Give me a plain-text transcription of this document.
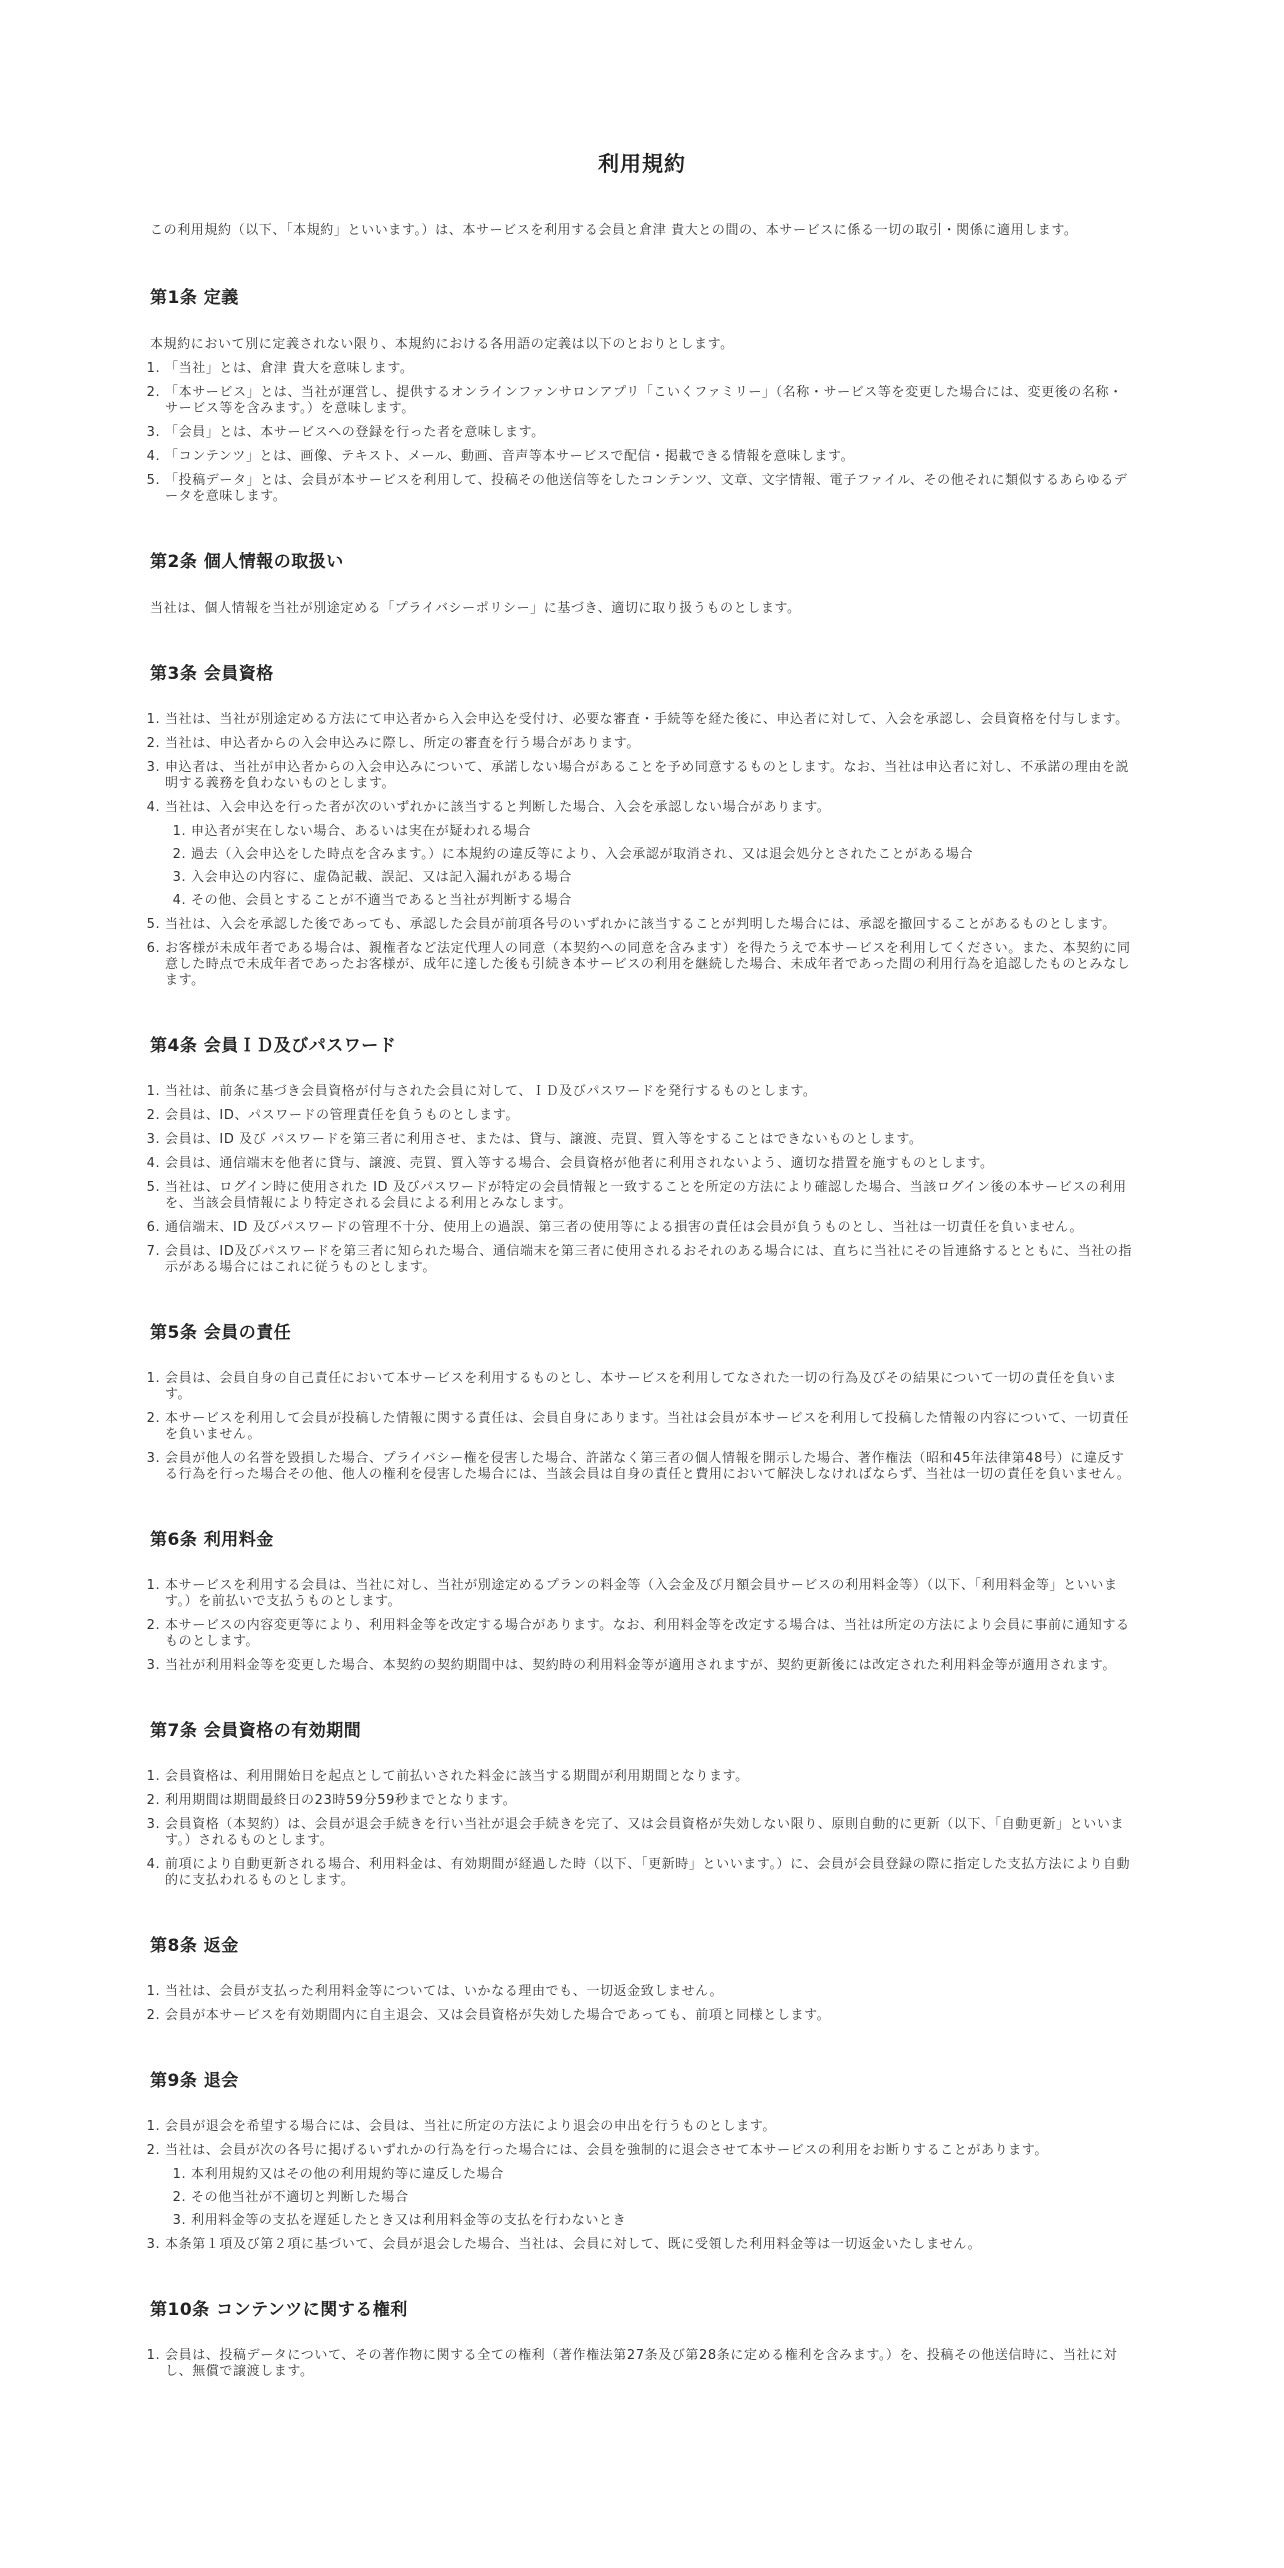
利用規約

この利用規約（以下、「本規約」といいます。）は、本サービスを利用する会員と倉津 貴大との間の、本サービスに係る一切の取引・関係に適用します。

第1条 定義

本規約において別に定義されない限り、本規約における各用語の定義は以下のとおりとします。

1. 「当社」とは、倉津 貴大を意味します。
2. 「本サービス」とは、当社が運営し、提供するオンラインファンサロンアプリ「こいくファミリー」（名称・サービス等を変更した場合には、変更後の名称・サービス等を含みます。）を意味します。
3. 「会員」とは、本サービスへの登録を行った者を意味します。
4. 「コンテンツ」とは、画像、テキスト、メール、動画、音声等本サービスで配信・掲載できる情報を意味します。
5. 「投稿データ」とは、会員が本サービスを利用して、投稿その他送信等をしたコンテンツ、文章、文字情報、電子ファイル、その他それに類似するあらゆるデータを意味します。
第2条 個人情報の取扱い

当社は、個人情報を当社が別途定める「プライバシーポリシー」に基づき、適切に取り扱うものとします。

第3条 会員資格
1. 当社は、当社が別途定める方法にて申込者から入会申込を受付け、必要な審査・手続等を経た後に、申込者に対して、入会を承認し、会員資格を付与します。
2. 当社は、申込者からの入会申込みに際し、所定の審査を行う場合があります。
3. 申込者は、当社が申込者からの入会申込みについて、承諾しない場合があることを予め同意するものとします。なお、当社は申込者に対し、不承諾の理由を説明する義務を負わないものとします。
4. 当社は、入会申込を行った者が次のいずれかに該当すると判断した場合、入会を承認しない場合があります。
1. 申込者が実在しない場合、あるいは実在が疑われる場合
2. 過去（入会申込をした時点を含みます。）に本規約の違反等により、入会承認が取消され、又は退会処分とされたことがある場合
3. 入会申込の内容に、虚偽記載、誤記、又は記入漏れがある場合
4. その他、会員とすることが不適当であると当社が判断する場合
5. 当社は、入会を承認した後であっても、承認した会員が前項各号のいずれかに該当することが判明した場合には、承認を撤回することがあるものとします。
6. お客様が未成年者である場合は、親権者など法定代理人の同意（本契約への同意を含みます）を得たうえで本サービスを利用してください。また、本契約に同意した時点で未成年者であったお客様が、成年に達した後も引続き本サービスの利用を継続した場合、未成年者であった間の利用行為を追認したものとみなします。
第4条 会員ＩＤ及びパスワード
1. 当社は、前条に基づき会員資格が付与された会員に対して、ＩＤ及びパスワードを発行するものとします。
2. 会員は、ID、パスワードの管理責任を負うものとします。
3. 会員は、ID 及び パスワードを第三者に利用させ、または、貸与、譲渡、売買、質入等をすることはできないものとします。
4. 会員は、通信端末を他者に貸与、譲渡、売買、質入等する場合、会員資格が他者に利用されないよう、適切な措置を施すものとします。
5. 当社は、ログイン時に使用された ID 及びパスワードが特定の会員情報と一致することを所定の方法により確認した場合、当該ログイン後の本サービスの利用を、当該会員情報により特定される会員による利用とみなします。
6. 通信端末、ID 及びパスワードの管理不十分、使用上の過誤、第三者の使用等による損害の責任は会員が負うものとし、当社は一切責任を負いません。
7. 会員は、ID及びパスワードを第三者に知られた場合、通信端末を第三者に使用されるおそれのある場合には、直ちに当社にその旨連絡するとともに、当社の指示がある場合にはこれに従うものとします。
第5条 会員の責任
1. 会員は、会員自身の自己責任において本サービスを利用するものとし、本サービスを利用してなされた一切の行為及びその結果について一切の責任を負います。
2. 本サービスを利用して会員が投稿した情報に関する責任は、会員自身にあります。当社は会員が本サービスを利用して投稿した情報の内容について、一切責任を負いません。
3. 会員が他人の名誉を毀損した場合、プライバシー権を侵害した場合、許諾なく第三者の個人情報を開示した場合、著作権法（昭和45年法律第48号）に違反する行為を行った場合その他、他人の権利を侵害した場合には、当該会員は自身の責任と費用において解決しなければならず、当社は一切の責任を負いません。
第6条 利用料金
1. 本サービスを利用する会員は、当社に対し、当社が別途定めるプランの料金等（入会金及び月額会員サービスの利用料金等）（以下、「利用料金等」といいます。）を前払いで支払うものとします。
2. 本サービスの内容変更等により、利用料金等を改定する場合があります。なお、利用料金等を改定する場合は、当社は所定の方法により会員に事前に通知するものとします。
3. 当社が利用料金等を変更した場合、本契約の契約期間中は、契約時の利用料金等が適用されますが、契約更新後には改定された利用料金等が適用されます。
第7条 会員資格の有効期間
1. 会員資格は、利用開始日を起点として前払いされた料金に該当する期間が利用期間となります。
2. 利用期間は期間最終日の23時59分59秒までとなります。
3. 会員資格（本契約）は、会員が退会手続きを行い当社が退会手続きを完了、又は会員資格が失効しない限り、原則自動的に更新（以下、「自動更新」といいます。）されるものとします。
4. 前項により自動更新される場合、利用料金は、有効期間が経過した時（以下、「更新時」といいます。）に、会員が会員登録の際に指定した支払方法により自動的に支払われるものとします。
第8条 返金
1. 当社は、会員が支払った利用料金等については、いかなる理由でも、一切返金致しません。
2. 会員が本サービスを有効期間内に自主退会、又は会員資格が失効した場合であっても、前項と同様とします。
第9条 退会
1. 会員が退会を希望する場合には、会員は、当社に所定の方法により退会の申出を行うものとします。
2. 当社は、会員が次の各号に掲げるいずれかの行為を行った場合には、会員を強制的に退会させて本サービスの利用をお断りすることがあります。
1. 本利用規約又はその他の利用規約等に違反した場合
2. その他当社が不適切と判断した場合
3. 利用料金等の支払を遅延したとき又は利用料金等の支払を行わないとき
3. 本条第１項及び第２項に基づいて、会員が退会した場合、当社は、会員に対して、既に受領した利用料金等は一切返金いたしません。
第10条 コンテンツに関する権利
1. 会員は、投稿データについて、その著作物に関する全ての権利（著作権法第27条及び第28条に定める権利を含みます。）を、投稿その他送信時に、当社に対し、無償で譲渡します。
